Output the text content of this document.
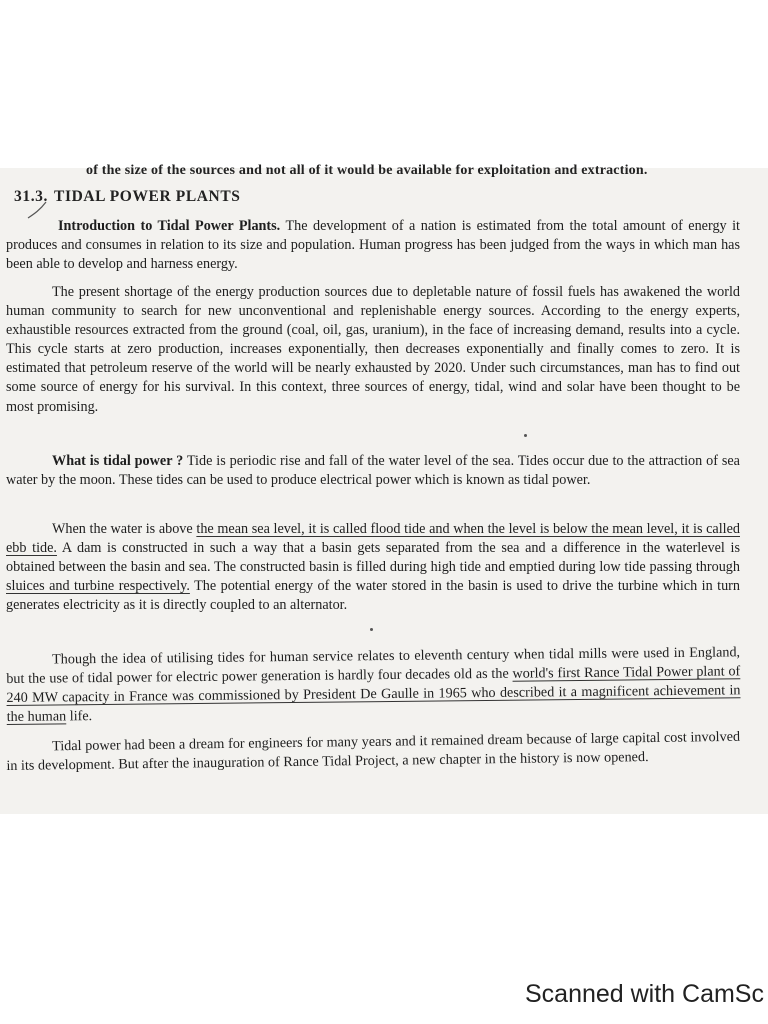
of the size of the sources and not all of it would be available for exploitation and extraction.
31.3. TIDAL POWER PLANTS

Introduction to Tidal Power Plants. The development of a nation is estimated from the total amount of energy it produces and consumes in relation to its size and population. Human progress has been judged from the ways in which man has been able to develop and harness energy.

The present shortage of the energy production sources due to depletable nature of fossil fuels has awakened the world human community to search for new unconventional and replenishable energy sources. According to the energy experts, exhaustible resources extracted from the ground (coal, oil, gas, uranium), in the face of increasing demand, results into a cycle. This cycle starts at zero production, increases exponentially, then decreases exponentially and finally comes to zero. It is estimated that petroleum reserve of the world will be nearly exhausted by 2020. Under such circumstances, man has to find out some source of energy for his survival. In this context, three sources of energy, tidal, wind and solar have been thought to be most promising.

What is tidal power ? Tide is periodic rise and fall of the water level of the sea. Tides occur due to the attraction of sea water by the moon. These tides can be used to produce electrical power which is known as tidal power.

When the water is above the mean sea level, it is called flood tide and when the level is below the mean level, it is called ebb tide. A dam is constructed in such a way that a basin gets separated from the sea and a difference in the waterlevel is obtained between the basin and sea. The constructed basin is filled during high tide and emptied during low tide passing through sluices and turbine respectively. The potential energy of the water stored in the basin is used to drive the turbine which in turn generates electricity as it is directly coupled to an alternator.

Though the idea of utilising tides for human service relates to eleventh century when tidal mills were used in England, but the use of tidal power for electric power generation is hardly four decades old as the world's first Rance Tidal Power plant of 240 MW capacity in France was commissioned by President De Gaulle in 1965 who described it a magnificent achievement in the human life.

Tidal power had been a dream for engineers for many years and it remained dream because of large capital cost involved in its development. But after the inauguration of Rance Tidal Project, a new chapter in the history is now opened.

Scanned with CamSc
